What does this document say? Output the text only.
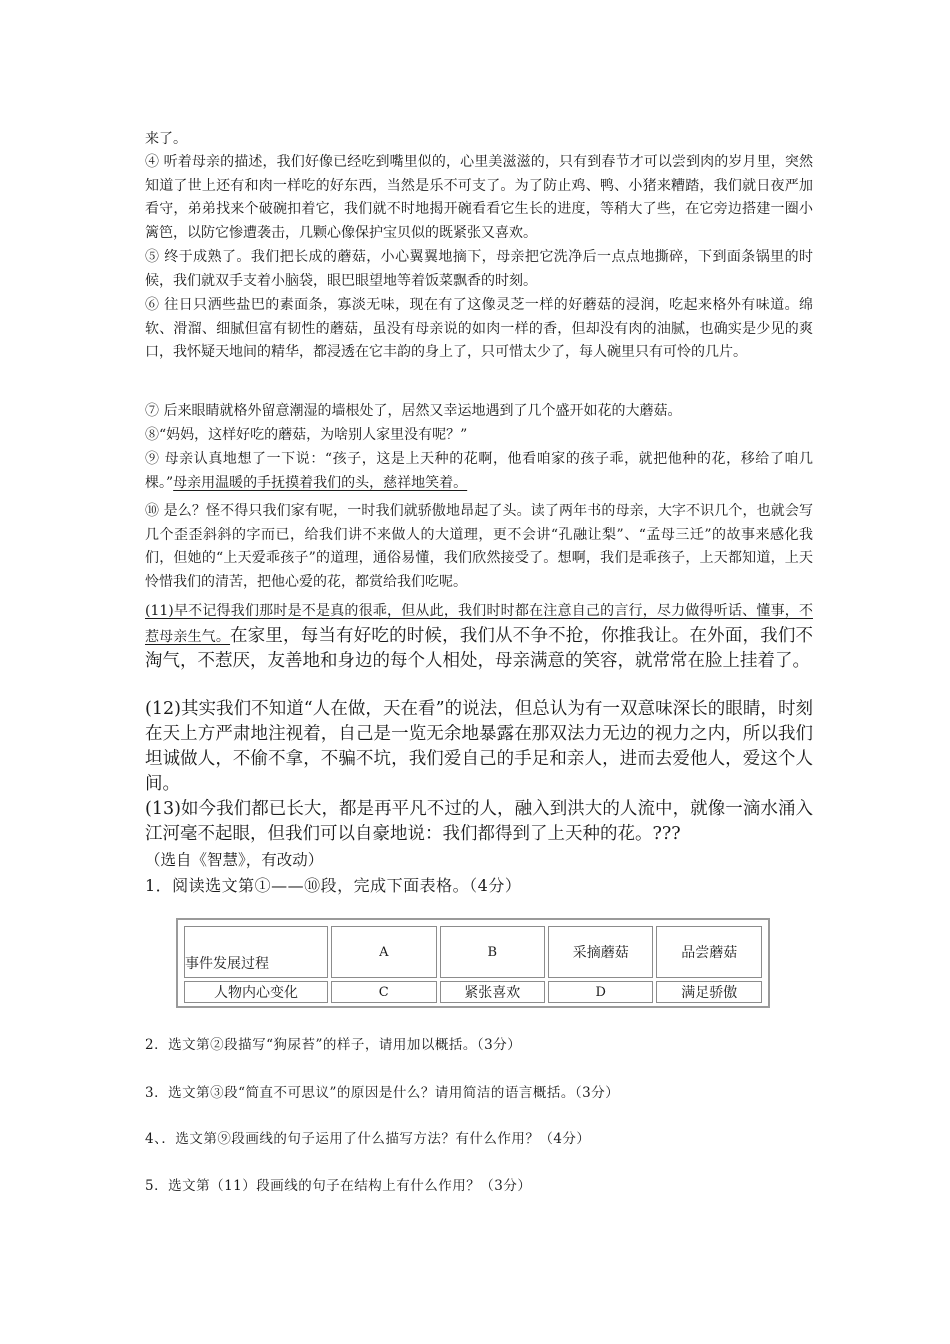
来了。
④ 听着母亲的描述，我们好像已经吃到嘴里似的，心里美滋滋的，只有到春节才可以尝到肉的岁月里，突然知道了世上还有和肉一样吃的好东西，当然是乐不可支了。为了防止鸡、鸭、小猪来糟踏，我们就日夜严加看守，弟弟找来个破碗扣着它，我们就不时地揭开碗看看它生长的进度，等稍大了些，在它旁边搭建一圈小篱笆，以防它惨遭袭击，几颗心像保护宝贝似的既紧张又喜欢。
⑤ 终于成熟了。我们把长成的蘑菇，小心翼翼地摘下，母亲把它洗净后一点点地撕碎，下到面条锅里的时候，我们就双手支着小脑袋，眼巴眼望地等着饭菜飘香的时刻。
⑥ 往日只洒些盐巴的素面条，寡淡无味，现在有了这像灵芝一样的好蘑菇的浸润，吃起来格外有味道。绵软、滑溜、细腻但富有韧性的蘑菇，虽没有母亲说的如肉一样的香，但却没有肉的油腻，也确实是少见的爽口，我怀疑天地间的精华，都浸透在它丰韵的身上了，只可惜太少了，每人碗里只有可怜的几片。
⑦ 后来眼睛就格外留意潮湿的墙根处了，居然又幸运地遇到了几个盛开如花的大蘑菇。
⑧“妈妈，这样好吃的蘑菇，为啥别人家里没有呢？”
⑨ 母亲认真地想了一下说：“孩子，这是上天种的花啊，他看咱家的孩子乖，就把他种的花，移给了咱几棵。”母亲用温暖的手抚摸着我们的头，慈祥地笑着。
⑩ 是么？怪不得只我们家有呢，一时我们就骄傲地昂起了头。读了两年书的母亲，大字不识几个，也就会写几个歪歪斜斜的字而已，给我们讲不来做人的大道理，更不会讲“孔融让梨”、“孟母三迁”的故事来感化我们，但她的“上天爱乖孩子”的道理，通俗易懂，我们欣然接受了。想啊，我们是乖孩子，上天都知道，上天怜惜我们的清苦，把他心爱的花，都赏给我们吃呢。
(11)早不记得我们那时是不是真的很乖，但从此，我们时时都在注意自己的言行，尽力做得听话、懂事，不惹母亲生气。在家里，每当有好吃的时候，我们从不争不抢，你推我让。在外面，我们不淘气，不惹厌，友善地和身边的每个人相处，母亲满意的笑容，就常常在脸上挂着了。
(12)其实我们不知道“人在做，天在看”的说法，但总认为有一双意味深长的眼睛，时刻在天上方严肃地注视着，自己是一览无余地暴露在那双法力无边的视力之内，所以我们坦诚做人，不偷不拿，不骗不坑，我们爱自己的手足和亲人，进而去爱他人，爱这个人间。
(13)如今我们都已长大，都是再平凡不过的人，融入到洪大的人流中，就像一滴水涌入江河毫不起眼，但我们可以自豪地说：我们都得到了上天种的花。???
（选自《智慧》，有改动）
1．阅读选文第①——⑩段，完成下面表格。（4分）
事件发展过程	A	B	采摘蘑菇	品尝蘑菇
人物内心变化	C	紧张喜欢	D	满足骄傲
2．选文第②段描写“狗尿苔”的样子，请用加以概括。（3分）
3．选文第③段“简直不可思议”的原因是什么？请用简洁的语言概括。（3分）
4、．选文第⑨段画线的句子运用了什么描写方法？有什么作用？（4分）
5．选文第（11）段画线的句子在结构上有什么作用？（3分）
